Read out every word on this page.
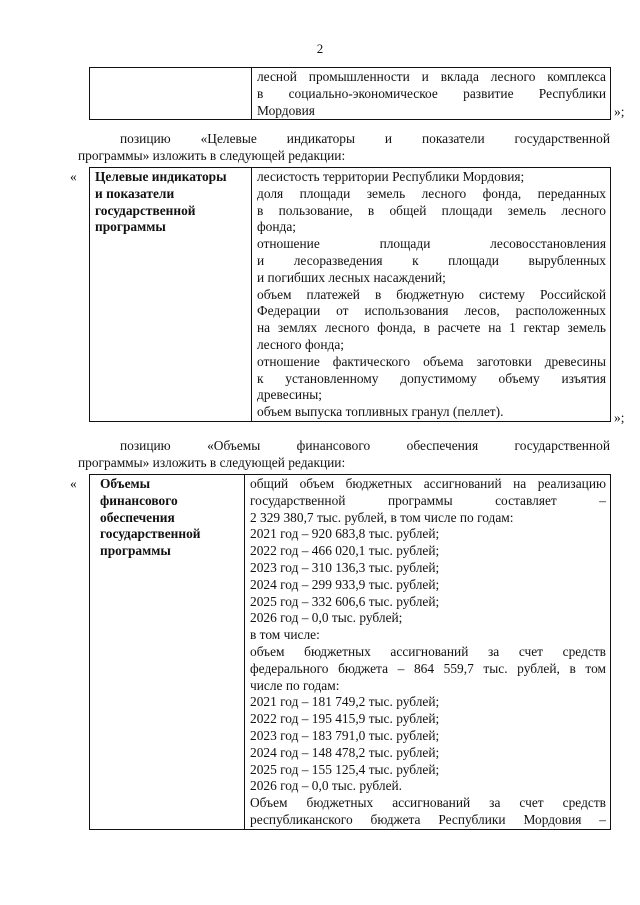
2

лесной промышленности и вклада лесного комплекса
в социально-экономическое развитие Республики
Мордовия	»;
позицию «Целевые индикаторы и показатели государственной
программы» изложить в следующей редакции:
« Целевые индикаторы
и показатели
государственной
программы

лесистость территории Республики Мордовия;
доля площади земель лесного фонда, переданных
в пользование, в общей площади земель лесного
фонда;
отношение площади лесовосстановления
и лесоразведения к площади вырубленных
и погибших лесных насаждений;
объем платежей в бюджетную систему Российской
Федерации от использования лесов, расположенных
на землях лесного фонда, в расчете на 1 гектар земель
лесного фонда;
отношение фактического объема заготовки древесины
к установленному допустимому объему изъятия
древесины;
объем выпуска топливных гранул (пеллет).	»;
позицию «Объемы финансового обеспечения государственной
программы» изложить в следующей редакции:
« Объемы
финансового
обеспечения
государственной
программы

общий объем бюджетных ассигнований на реализацию
государственной программы составляет –
2 329 380,7 тыс. рублей, в том числе по годам:
2021 год – 920 683,8 тыс. рублей;
2022 год – 466 020,1 тыс. рублей;
2023 год – 310 136,3 тыс. рублей;
2024 год – 299 933,9 тыс. рублей;
2025 год – 332 606,6 тыс. рублей;
2026 год – 0,0 тыс. рублей;
в том числе:
объем бюджетных ассигнований за счет средств
федерального бюджета – 864 559,7 тыс. рублей, в том
числе по годам:
2021 год – 181 749,2 тыс. рублей;
2022 год – 195 415,9 тыс. рублей;
2023 год – 183 791,0 тыс. рублей;
2024 год – 148 478,2 тыс. рублей;
2025 год – 155 125,4 тыс. рублей;
2026 год – 0,0 тыс. рублей.
Объем бюджетных ассигнований за счет средств
республиканского бюджета Республики Мордовия –
